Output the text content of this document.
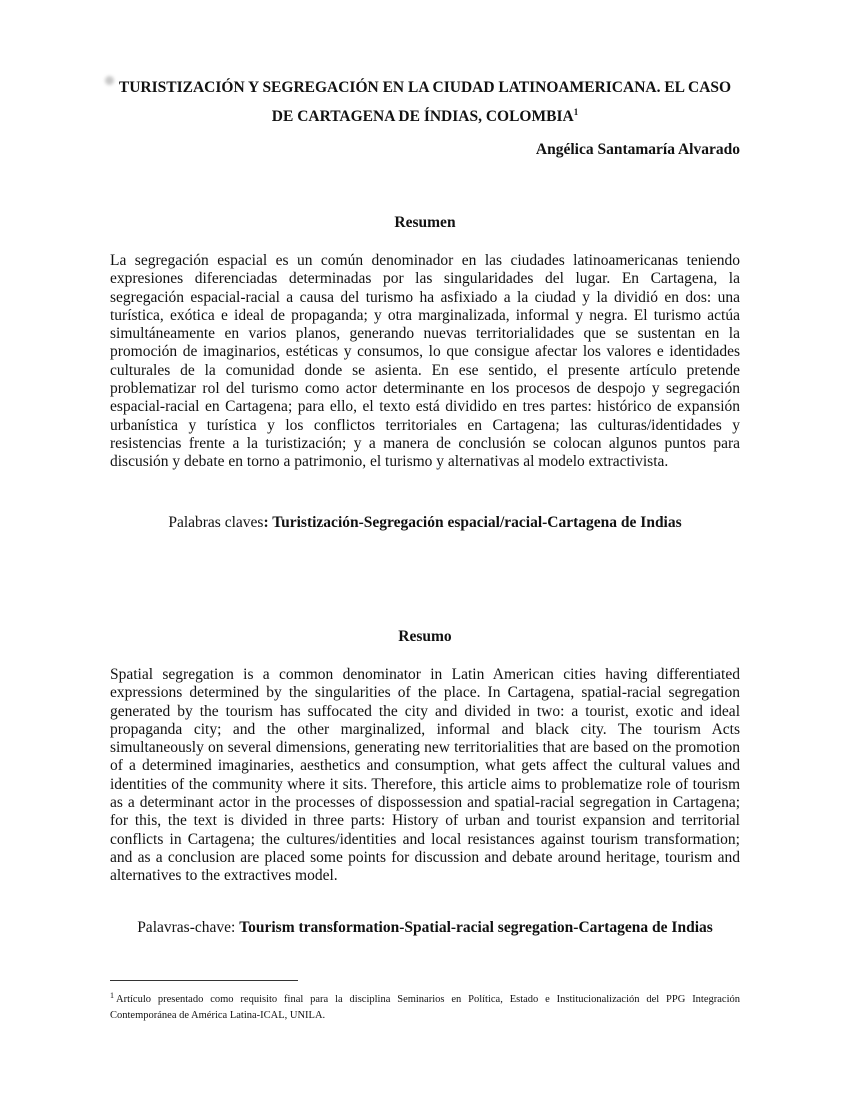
TURISTIZACIÓN Y SEGREGACIÓN EN LA CIUDAD LATINOAMERICANA. EL CASO DE CARTAGENA DE ÍNDIAS, COLOMBIA$^1$
Angélica Santamaría Alvarado
Resumen

La segregación espacial es un común denominador en las ciudades latinoamericanas teniendo expresiones diferenciadas determinadas por las singularidades del lugar. En Cartagena, la segregación espacial-racial a causa del turismo ha asfixiado a la ciudad y la dividió en dos: una turística, exótica e ideal de propaganda; y otra marginalizada, informal y negra. El turismo actúa simultáneamente en varios planos, generando nuevas territorialidades que se sustentan en la promoción de imaginarios, estéticas y consumos, lo que consigue afectar los valores e identidades culturales de la comunidad donde se asienta. En ese sentido, el presente artículo pretende problematizar rol del turismo como actor determinante en los procesos de despojo y segregación espacial-racial en Cartagena; para ello, el texto está dividido en tres partes: histórico de expansión urbanística y turística y los conflictos territoriales en Cartagena; las culturas/identidades y resistencias frente a la turistización; y a manera de conclusión se colocan algunos puntos para discusión y debate en torno a patrimonio, el turismo y alternativas al modelo extractivista.

Palabras claves: Turistización-Segregación espacial/racial-Cartagena de Indias
Resumo

Spatial segregation is a common denominator in Latin American cities having differentiated expressions determined by the singularities of the place. In Cartagena, spatial-racial segregation generated by the tourism has suffocated the city and divided in two: a tourist, exotic and ideal propaganda city; and the other marginalized, informal and black city. The tourism Acts simultaneously on several dimensions, generating new territorialities that are based on the promotion of a determined imaginaries, aesthetics and consumption, what gets affect the cultural values and identities of the community where it sits. Therefore, this article aims to problematize role of tourism as a determinant actor in the processes of dispossession and spatial-racial segregation in Cartagena; for this, the text is divided in three parts: History of urban and tourist expansion and territorial conflicts in Cartagena; the cultures/identities and local resistances against tourism transformation; and as a conclusion are placed some points for discussion and debate around heritage, tourism and alternatives to the extractives model.

Palavras-chave: Tourism transformation-Spatial-racial segregation-Cartagena de Indias

$^1$ Artículo presentado como requisito final para la disciplina Seminarios en Política, Estado e Institucionalización del PPG Integración Contemporánea de América Latina-ICAL, UNILA.
